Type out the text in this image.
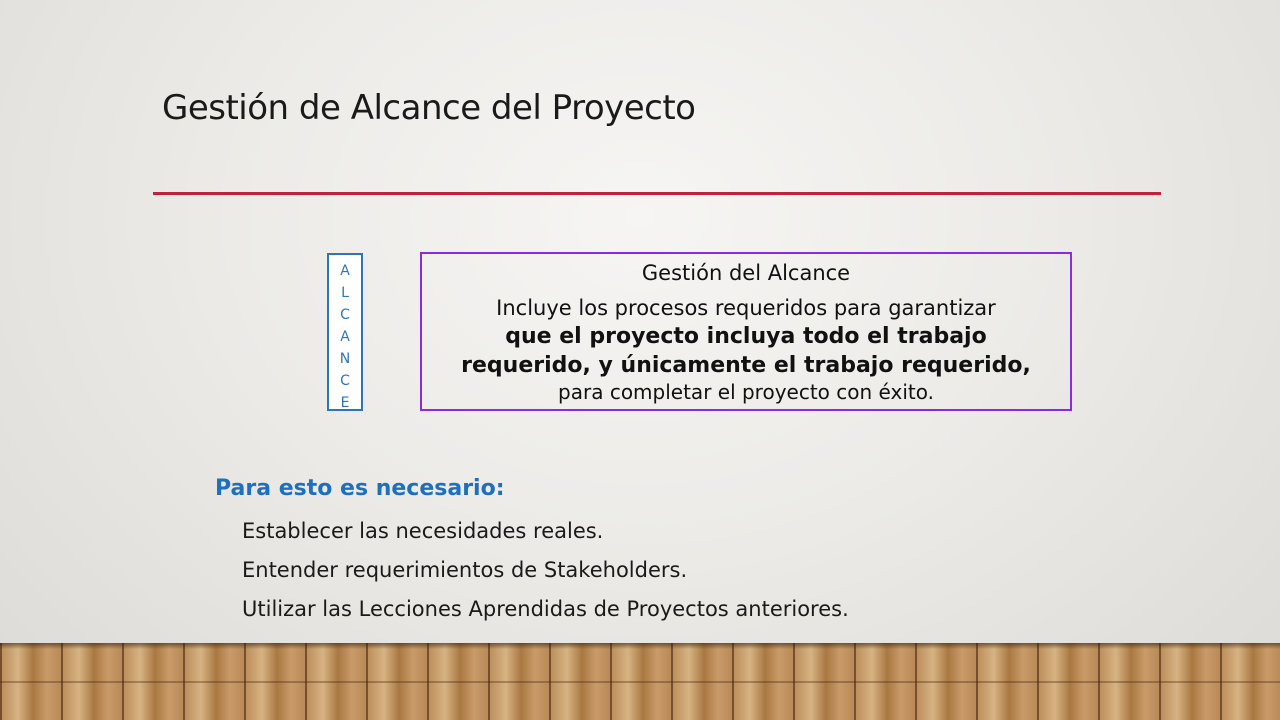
Gestión de Alcance del Proyecto
A
L
C
A
N
C
E
Gestión del Alcance
Incluye los procesos requeridos para garantizar
que el proyecto incluya todo el trabajo
requerido, y únicamente el trabajo requerido,
para completar el proyecto con éxito.
Para esto es necesario:
Establecer las necesidades reales.
Entender requerimientos de Stakeholders.
Utilizar las Lecciones Aprendidas de Proyectos anteriores.
